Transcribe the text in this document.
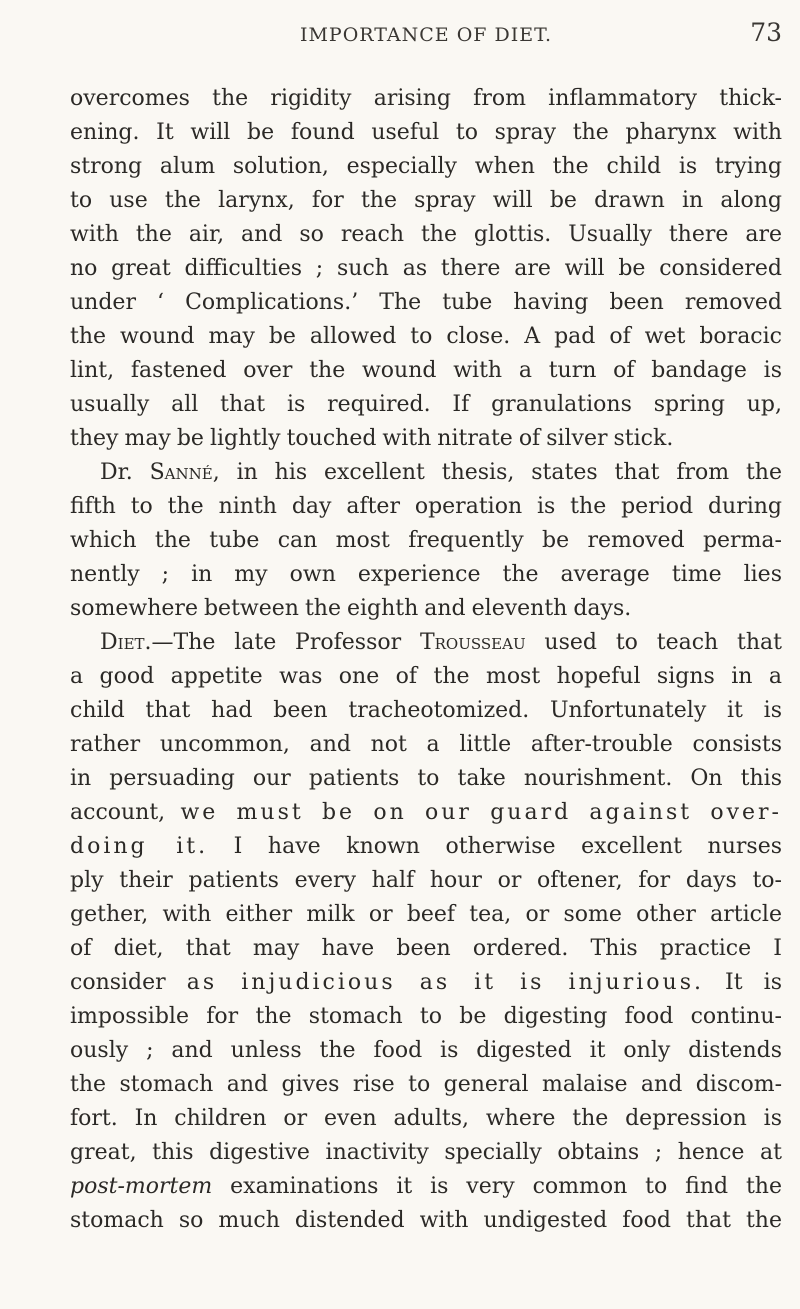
IMPORTANCE OF DIET.	73
overcomes the rigidity arising from inflammatory thick-
ening. It will be found useful to spray the pharynx with
strong alum solution, especially when the child is trying
to use the larynx, for the spray will be drawn in along
with the air, and so reach the glottis. Usually there are
no great difficulties ; such as there are will be considered
under ‘ Complications.’ The tube having been removed
the wound may be allowed to close. A pad of wet boracic
lint, fastened over the wound with a turn of bandage is
usually all that is required. If granulations spring up,
they may be lightly touched with nitrate of silver stick.
Dr. Sanné, in his excellent thesis, states that from the
fifth to the ninth day after operation is the period during
which the tube can most frequently be removed perma-
nently ; in my own experience the average time lies
somewhere between the eighth and eleventh days.
Diet.—The late Professor Trousseau used to teach that
a good appetite was one of the most hopeful signs in a
child that had been tracheotomized. Unfortunately it is
rather uncommon, and not a little after-trouble consists
in persuading our patients to take nourishment. On this
account, we must be on our guard against over-
doing it. I have known otherwise excellent nurses
ply their patients every half hour or oftener, for days to-
gether, with either milk or beef tea, or some other article
of diet, that may have been ordered. This practice I
consider as injudicious as it is injurious. It is
impossible for the stomach to be digesting food continu-
ously ; and unless the food is digested it only distends
the stomach and gives rise to general malaise and discom-
fort. In children or even adults, where the depression is
great, this digestive inactivity specially obtains ; hence at
post-mortem examinations it is very common to find the
stomach so much distended with undigested food that the
